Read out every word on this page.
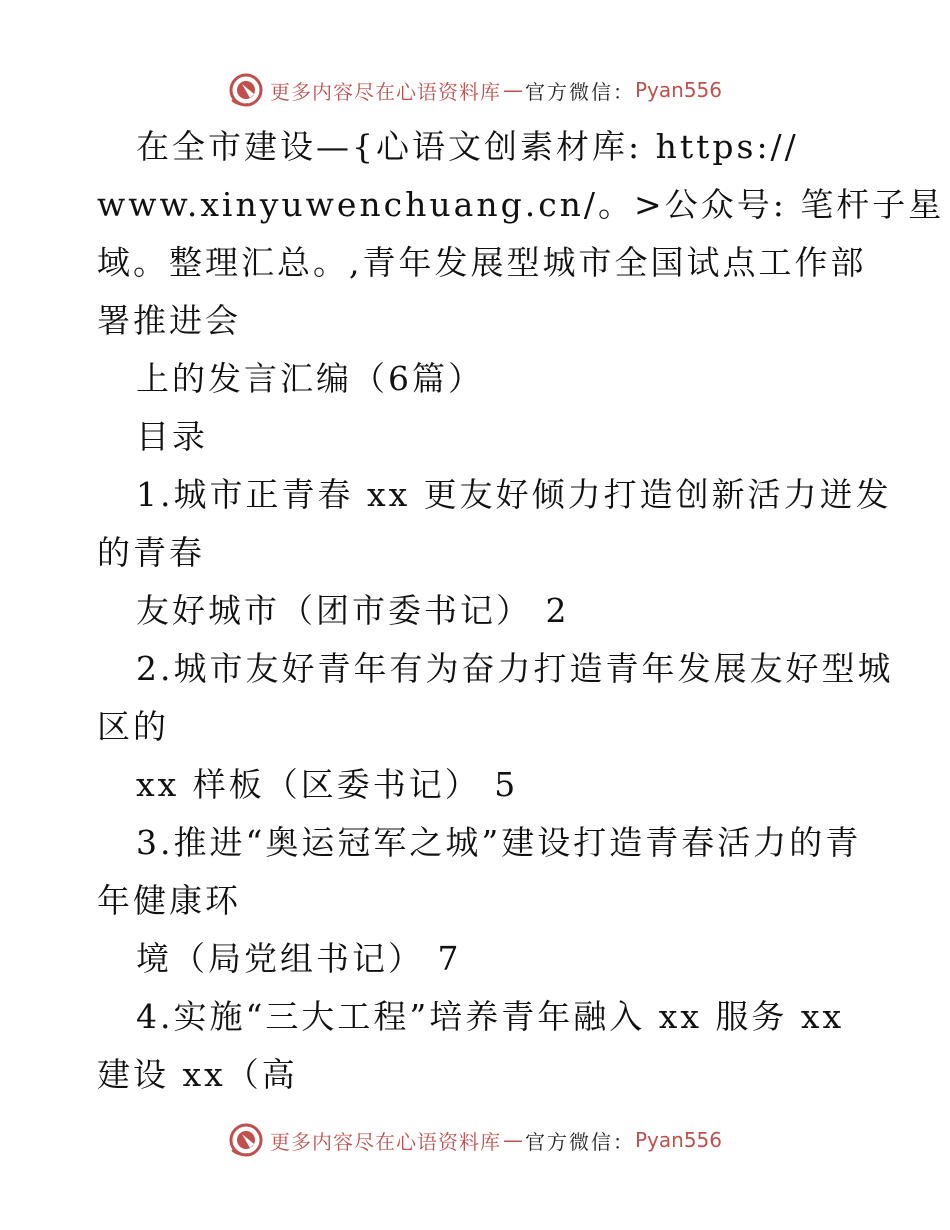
更多内容尽在心语资料库 — 官方微信： Pyan556
在全市建设—{心语文创素材库: https://
www.xinyuwenchuang.cn/。>公众号: 笔杆子星
域。整理汇总。,青年发展型城市全国试点工作部
署推进会
上的发言汇编（6篇）
目录
1.城市正青春 xx 更友好倾力打造创新活力迸发
的青春
友好城市（团市委书记） 2
2.城市友好青年有为奋力打造青年发展友好型城
区的
xx 样板（区委书记） 5
3.推进“奥运冠军之城”建设打造青春活力的青
年健康环
境（局党组书记） 7
4.实施“三大工程”培养青年融入 xx 服务 xx
建设 xx（高
更多内容尽在心语资料库 — 官方微信： Pyan556
